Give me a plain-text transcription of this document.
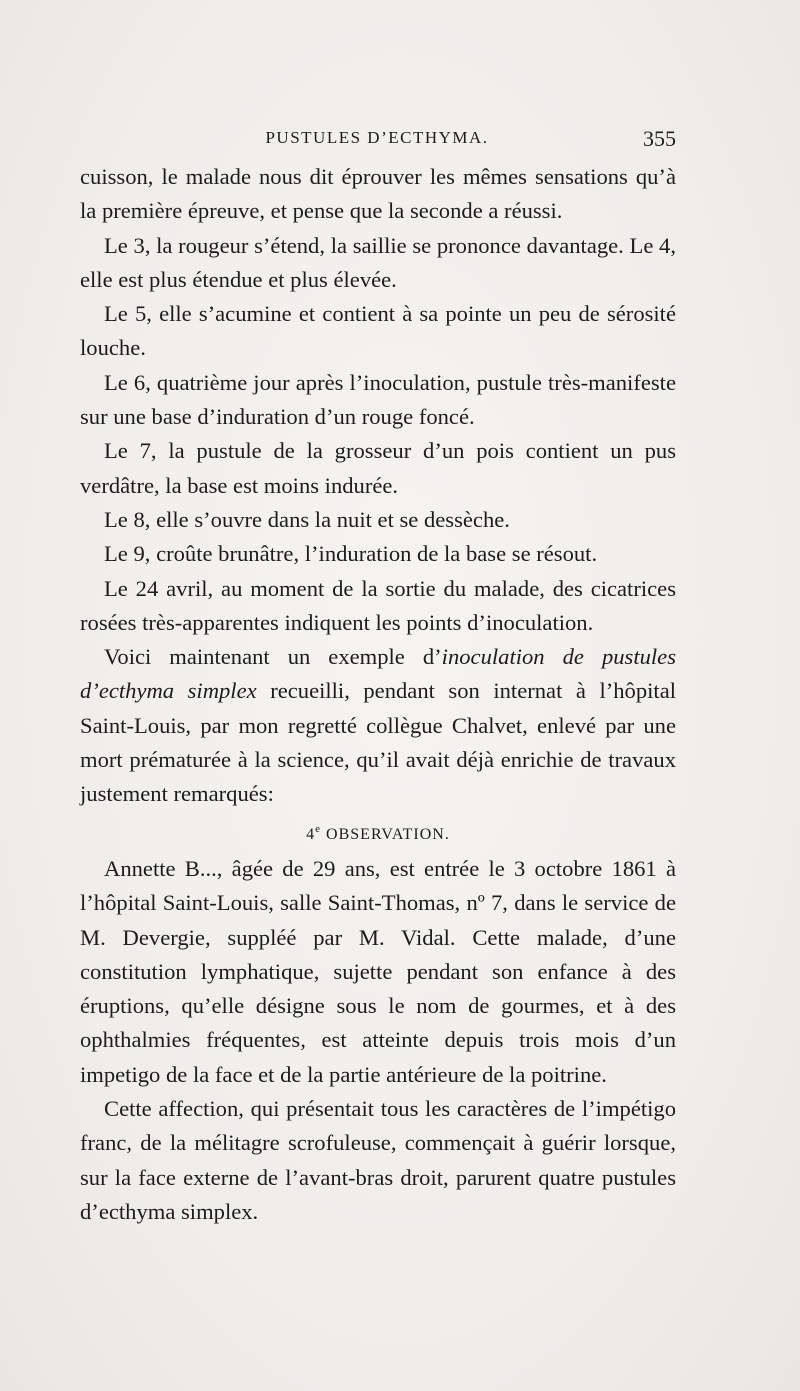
PUSTULES D’ECTHYMA.	355

cuisson, le malade nous dit éprouver les mêmes sensations qu’à la première épreuve, et pense que la seconde a réussi.

Le 3, la rougeur s’étend, la saillie se prononce davantage. Le 4, elle est plus étendue et plus élevée.

Le 5, elle s’acumine et contient à sa pointe un peu de sérosité louche.

Le 6, quatrième jour après l’inoculation, pustule très-manifeste sur une base d’induration d’un rouge foncé.

Le 7, la pustule de la grosseur d’un pois contient un pus verdâtre, la base est moins indurée.

Le 8, elle s’ouvre dans la nuit et se dessèche.

Le 9, croûte brunâtre, l’induration de la base se résout.

Le 24 avril, au moment de la sortie du malade, des cicatrices rosées très-apparentes indiquent les points d’inoculation.

Voici maintenant un exemple d’inoculation de pustules d’ecthyma simplex recueilli, pendant son internat à l’hôpital Saint-Louis, par mon regretté collègue Chalvet, enlevé par une mort prématurée à la science, qu’il avait déjà enrichie de travaux justement remarqués:

4e OBSERVATION.

Annette B..., âgée de 29 ans, est entrée le 3 octobre 1861 à l’hôpital Saint-Louis, salle Saint-Thomas, nº 7, dans le service de M. Devergie, suppléé par M. Vidal. Cette malade, d’une constitution lymphatique, sujette pendant son enfance à des éruptions, qu’elle désigne sous le nom de gourmes, et à des ophthalmies fréquentes, est atteinte depuis trois mois d’un impetigo de la face et de la partie antérieure de la poitrine.

Cette affection, qui présentait tous les caractères de l’impétigo franc, de la mélitagre scrofuleuse, commençait à guérir lorsque, sur la face externe de l’avant-bras droit, parurent quatre pustules d’ecthyma simplex.
